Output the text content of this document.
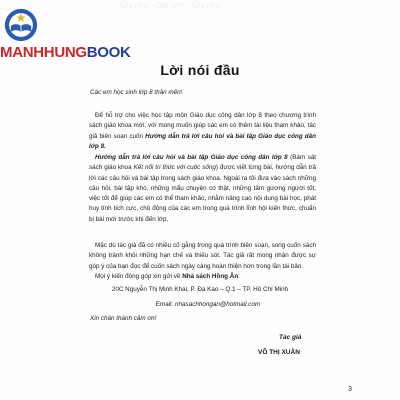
Ghi nhớ · Ghi nhớ · Ghi nhớ
MANHHUNGBOOK
Lời nói đầu
Các em học sinh lớp 8 thân mến!
Để hỗ trợ cho việc học tập môn Giáo dục công dân lớp 8 theo chương trình sách giáo khoa mới, với mong muốn giúp các em có thêm tài liệu tham khảo, tác giả biên soạn cuốn Hướng dẫn trả lời câu hỏi và bài tập Giáo dục công dân lớp 8.
Hướng dẫn trả lời câu hỏi và bài tập Giáo dục công dân lớp 8 (Bám sát sách giáo khoa Kết nối tri thức với cuộc sống) được viết từng bài, hướng dẫn trả lời các câu hỏi và bài tập trong sách giáo khoa. Ngoài ra tôi đưa vào sách những câu hỏi, bài tập khó, những mẩu chuyện có thật, những tấm gương người tốt, việc tốt để giúp các em có thể tham khảo, nhằm nâng cao nội dung bài học, phát huy tính tích cực, chủ động của các em trong quá trình lĩnh hội kiến thức, chuẩn bị bài mới trước khi đến lớp.
Mặc dù tác giả đã có nhiều cố gắng trong quá trình biên soạn, song cuốn sách không tránh khỏi những hạn chế và thiếu sót. Tác giả rất mong nhận được sự góp ý của bạn đọc để cuốn sách ngày càng hoàn thiện hơn trong lần tái bản.
Mọi ý kiến đóng góp xin gửi về Nhà sách Hồng Ân:
20C Nguyễn Thị Minh Khai, P. Đa Kao – Q.1 – TP. Hồ Chí Minh
Email: nhasachhongan@hotmail.com
Xin chân thành cảm ơn!
Tác giả
VÕ THỊ XUÂN
3
